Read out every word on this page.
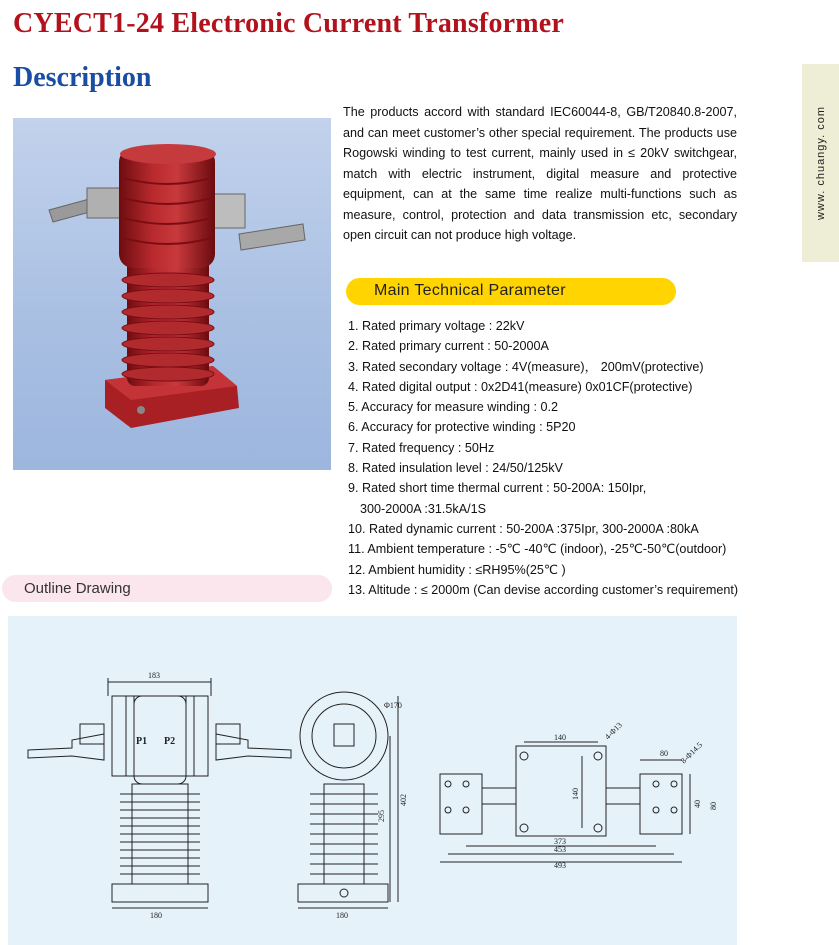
CYECT1-24 Electronic Current Transformer
Description
www. chuangy. com

The products accord with standard IEC60044-8, GB/T20840.8-2007, and can meet customer’s other special requirement. The products use Rogowski winding to test current, mainly used in ≤ 20kV switchgear, match with electric instrument, digital measure and protective equipment, can at the same time realize multi-functions such as measure, control, protection and data transmission etc, secondary open circuit can not produce high voltage.

Main Technical Parameter
1. Rated primary voltage : 22kV
2. Rated primary current : 50-2000A
3. Rated secondary voltage : 4V(measure)， 200mV(protective)
4. Rated digital output : 0x2D41(measure) 0x01CF(protective)
5. Accuracy for measure winding : 0.2
6. Accuracy for protective winding : 5P20
7. Rated frequency : 50Hz
8. Rated insulation level : 24/50/125kV
9. Rated short time thermal current : 50-200A: 150Ipr,
300-2000A :31.5kA/1S
10. Rated dynamic current : 50-200A :375Ipr, 300-2000A :80kA
11. Ambient temperature : -5℃ -40℃ (indoor), -25℃-50℃(outdoor)
12. Ambient humidity : ≤RH95%(25℃ )
13. Altitude : ≤ 2000m (Can devise according customer’s requirement)
Outline Drawing
183
180
P1 P2
Φ170
295
402
180
140	4-Φ13
80 8-Φ14.5
140
40 80
373
453
493
